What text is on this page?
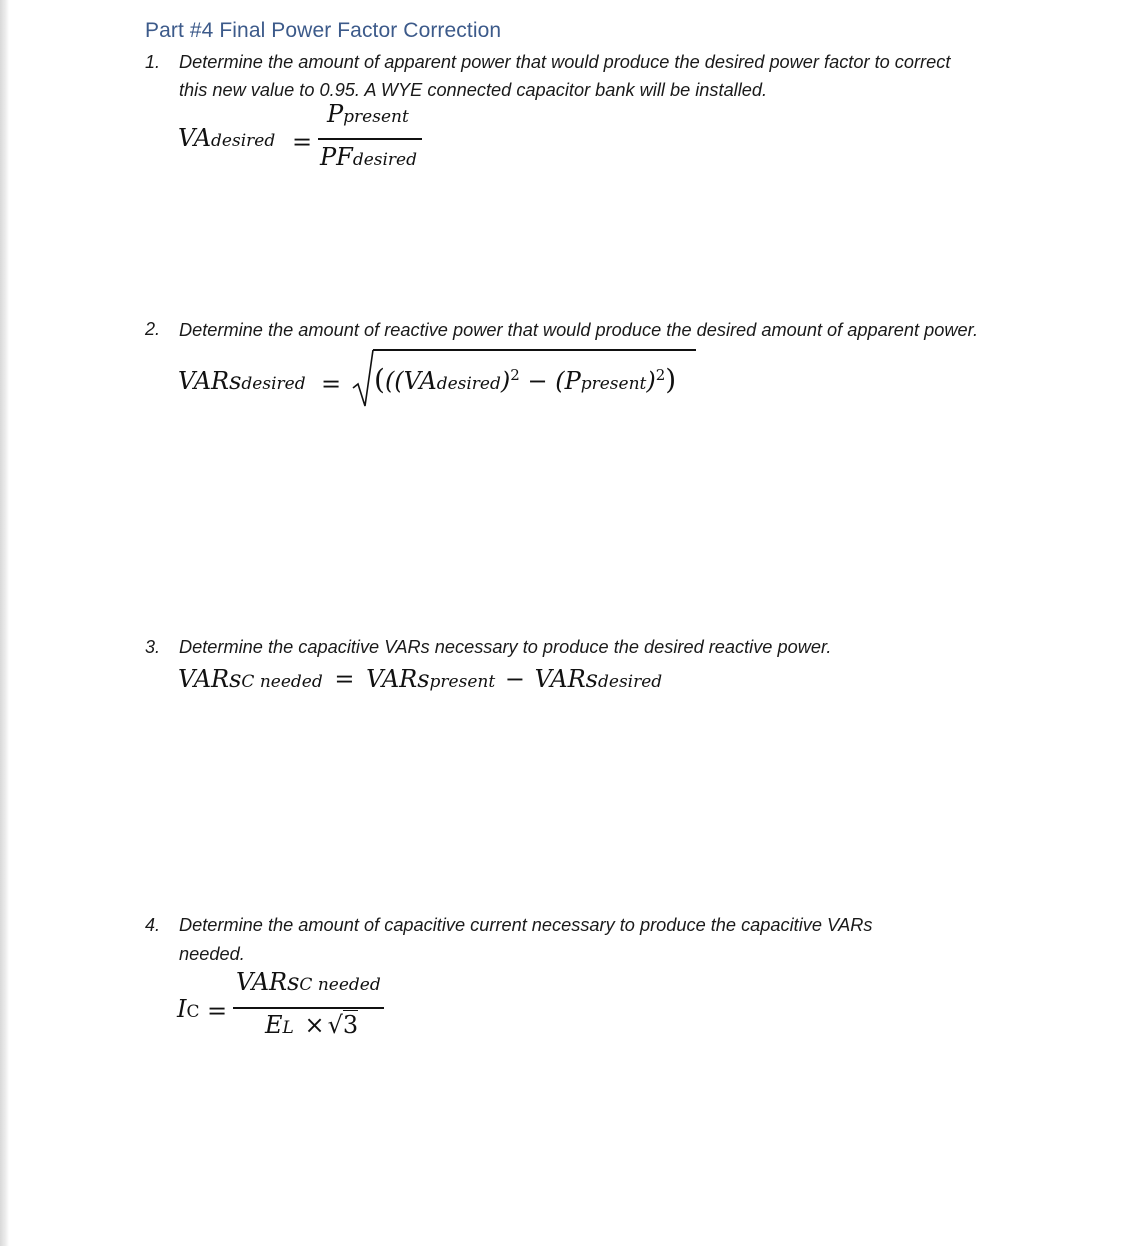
Part #4 Final Power Factor Correction
1. Determine the amount of apparent power that would produce the desired power factor to correct
this new value to 0.95. A WYE connected capacitor bank will be installed.
VAdesired =
Ppresent
PFdesired
2. Determine the amount of reactive power that would produce the desired amount of apparent power.
VARsdesired = (((VAdesired)$^2$ − (Ppresent)$^2$)
3. Determine the capacitive VARs necessary to produce the desired reactive power.
VARsC needed = VARspresent − VARsdesired
4. Determine the amount of capacitive current necessary to produce the capacitive VARs
needed.
IC =
VARsC needed
EL × √3
